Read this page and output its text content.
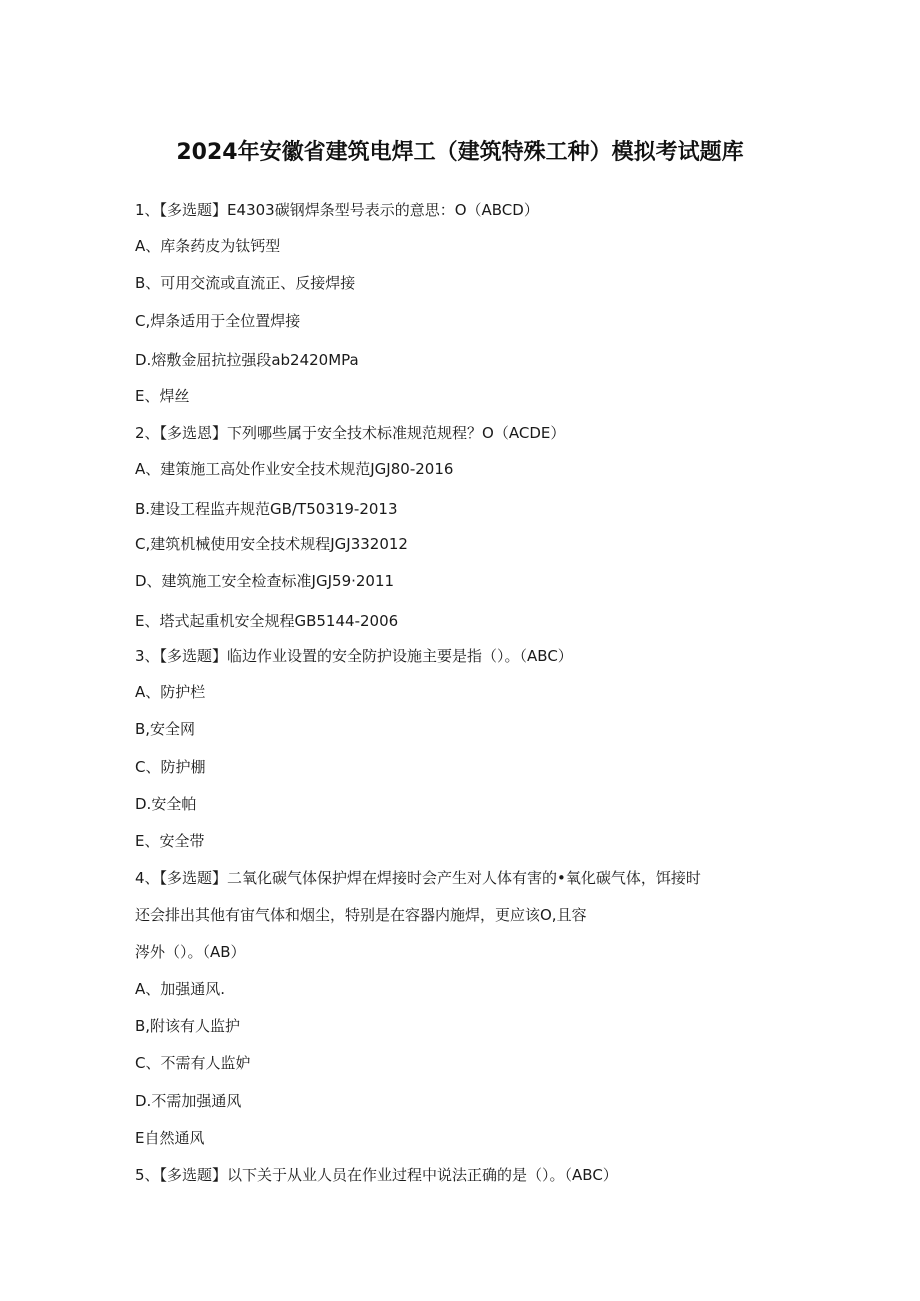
2024年安徽省建筑电焊工（建筑特殊工种）模拟考试题库
1、【多选题】E4303碳钢焊条型号表示的意思：O（ABCD）
A、库条药皮为钛钙型
B、可用交流或直流正、反接焊接
C,焊条适用于全位置焊接
D.熔敷金屈抗拉强段ab2420MPa
E、焊丝
2、【多选恩】下列哪些属于安全技术标准规范规程？O（ACDE）
A、建策施工高处作业安全技术规范JGJ80-2016
B.建设工程监卉规范GB/T50319-2013
C,建筑机械使用安全技术规程JGJ332012
D、建筑施工安全检查标准JGJ59·2011
E、塔式起重机安全规程GB5144-2006
3、【多选题】临边作业设置的安全防护设施主要是指（）。（ABC）
A、防护栏
B,安全网
C、防护棚
D.安全帕
E、安全带
4、【多选题】二氧化碳气体保护焊在焊接时会产生对人体有害的•氧化碳气体，饵接时
还会排出其他有宙气体和烟尘，特别是在容器内施焊，更应该O,且容
涔外（）。（AB）
A、加强通风.
B,附该有人监护
C、不需有人监妒
D.不需加强通风
E自然通风
5、【多选题】以下关于从业人员在作业过程中说法正确的是（）。（ABC）
